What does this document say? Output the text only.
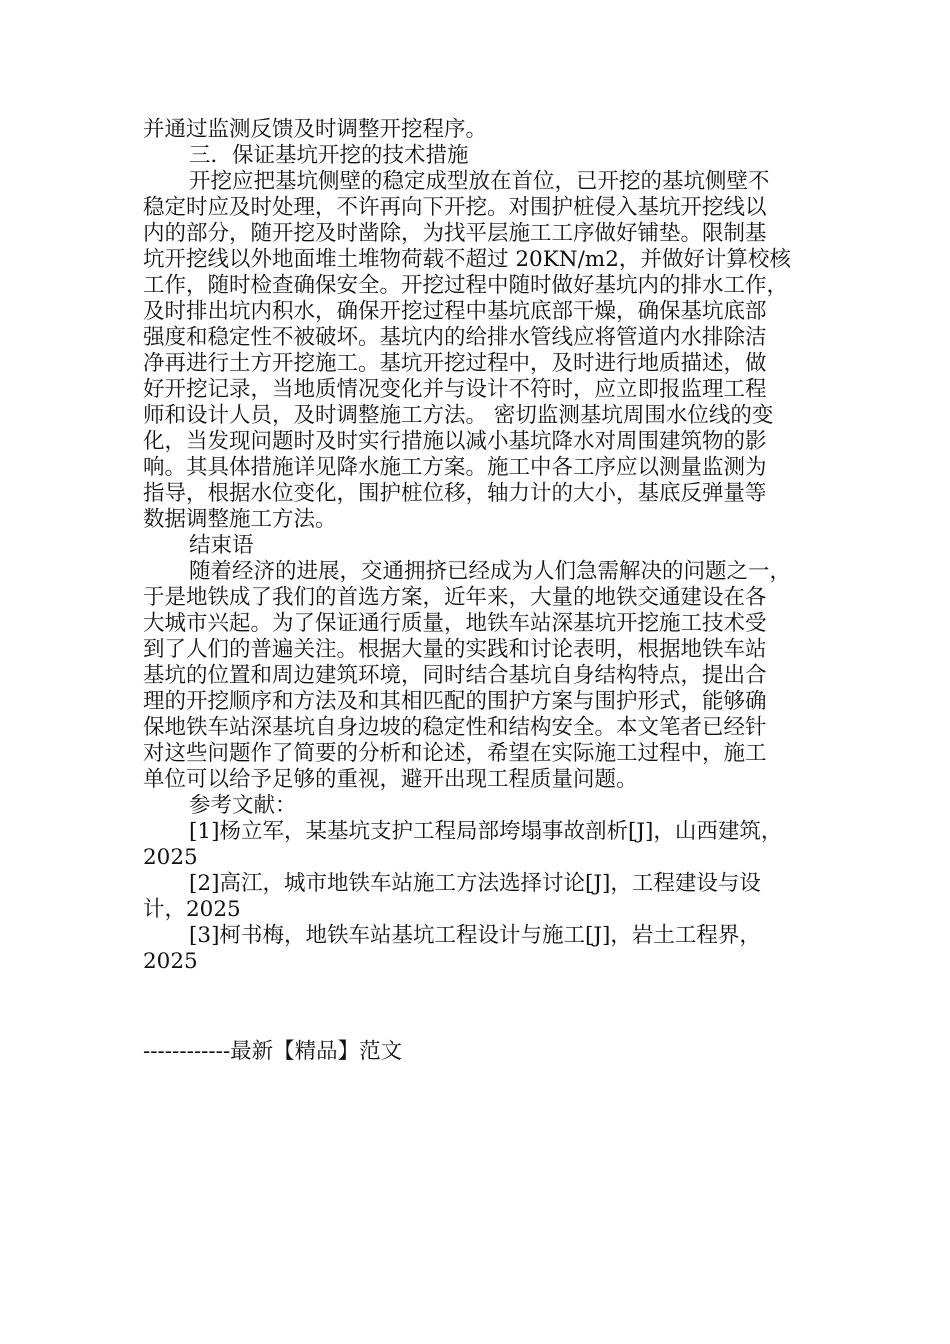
并通过监测反馈及时调整开挖程序。
三．保证基坑开挖的技术措施
开挖应把基坑侧壁的稳定成型放在首位，已开挖的基坑侧壁不
稳定时应及时处理，不许再向下开挖。对围护桩侵入基坑开挖线以
内的部分，随开挖及时凿除，为找平层施工工序做好铺垫。限制基
坑开挖线以外地面堆土堆物荷载不超过 20KN/m2，并做好计算校核
工作，随时检查确保安全。开挖过程中随时做好基坑内的排水工作，
及时排出坑内积水，确保开挖过程中基坑底部干燥，确保基坑底部
强度和稳定性不被破坏。基坑内的给排水管线应将管道内水排除洁
净再进行土方开挖施工。基坑开挖过程中，及时进行地质描述，做
好开挖记录，当地质情况变化并与设计不符时，应立即报监理工程
师和设计人员，及时调整施工方法。 密切监测基坑周围水位线的变
化，当发现问题时及时实行措施以减小基坑降水对周围建筑物的影
响。其具体措施详见降水施工方案。施工中各工序应以测量监测为
指导，根据水位变化，围护桩位移，轴力计的大小，基底反弹量等
数据调整施工方法。
结束语
随着经济的进展，交通拥挤已经成为人们急需解决的问题之一，
于是地铁成了我们的首选方案，近年来，大量的地铁交通建设在各
大城市兴起。为了保证通行质量，地铁车站深基坑开挖施工技术受
到了人们的普遍关注。根据大量的实践和讨论表明，根据地铁车站
基坑的位置和周边建筑环境，同时结合基坑自身结构特点，提出合
理的开挖顺序和方法及和其相匹配的围护方案与围护形式，能够确
保地铁车站深基坑自身边坡的稳定性和结构安全。本文笔者已经针
对这些问题作了简要的分析和论述，希望在实际施工过程中，施工
单位可以给予足够的重视，避开出现工程质量问题。
参考文献：
[1]杨立军，某基坑支护工程局部垮塌事故剖析[J]，山西建筑，
2025
[2]高江，城市地铁车站施工方法选择讨论[J]，工程建设与设
计，2025
[3]柯书梅，地铁车站基坑工程设计与施工[J]，岩土工程界，
2025
------------最新【精品】范文
